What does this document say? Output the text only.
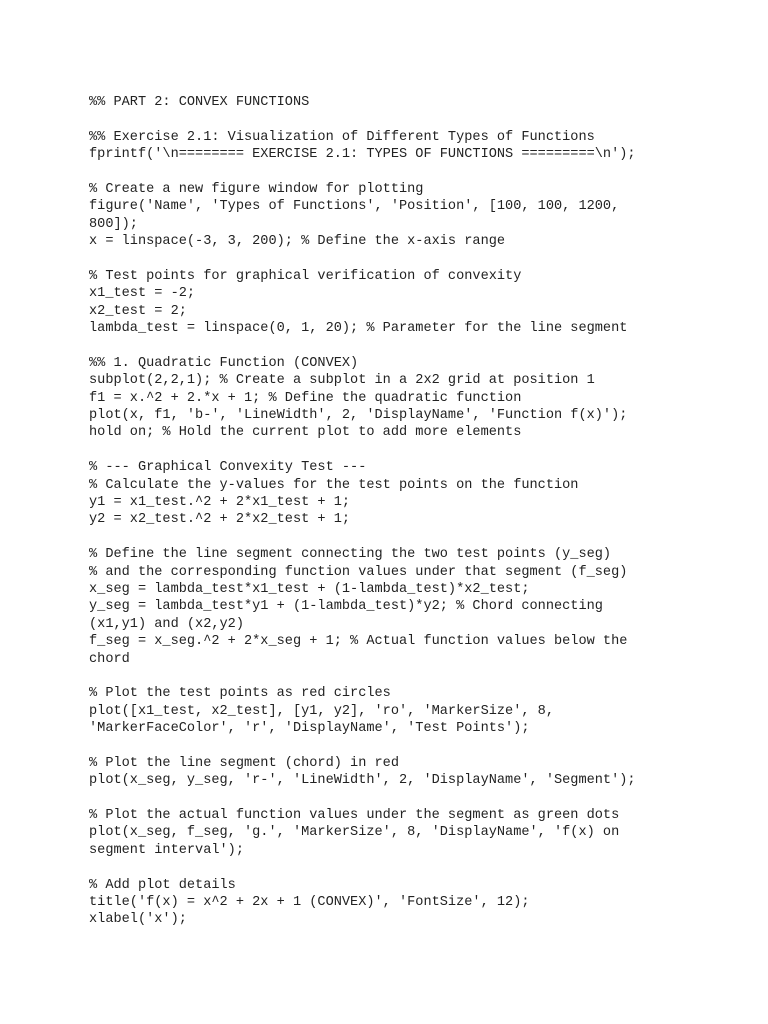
%% PART 2: CONVEX FUNCTIONS
%% Exercise 2.1: Visualization of Different Types of Functions
fprintf('\n======== EXERCISE 2.1: TYPES OF FUNCTIONS =========\n');
% Create a new figure window for plotting
figure('Name', 'Types of Functions', 'Position', [100, 100, 1200,
800]);
x = linspace(-3, 3, 200); % Define the x-axis range
% Test points for graphical verification of convexity
x1_test = -2;
x2_test = 2;
lambda_test = linspace(0, 1, 20); % Parameter for the line segment
%% 1. Quadratic Function (CONVEX)
subplot(2,2,1); % Create a subplot in a 2x2 grid at position 1
f1 = x.^2 + 2.*x + 1; % Define the quadratic function
plot(x, f1, 'b-', 'LineWidth', 2, 'DisplayName', 'Function f(x)');
hold on; % Hold the current plot to add more elements
% --- Graphical Convexity Test ---
% Calculate the y-values for the test points on the function
y1 = x1_test.^2 + 2*x1_test + 1;
y2 = x2_test.^2 + 2*x2_test + 1;
% Define the line segment connecting the two test points (y_seg)
% and the corresponding function values under that segment (f_seg)
x_seg = lambda_test*x1_test + (1-lambda_test)*x2_test;
y_seg = lambda_test*y1 + (1-lambda_test)*y2; % Chord connecting
(x1,y1) and (x2,y2)
f_seg = x_seg.^2 + 2*x_seg + 1; % Actual function values below the
chord
% Plot the test points as red circles
plot([x1_test, x2_test], [y1, y2], 'ro', 'MarkerSize', 8,
'MarkerFaceColor', 'r', 'DisplayName', 'Test Points');
% Plot the line segment (chord) in red
plot(x_seg, y_seg, 'r-', 'LineWidth', 2, 'DisplayName', 'Segment');
% Plot the actual function values under the segment as green dots
plot(x_seg, f_seg, 'g.', 'MarkerSize', 8, 'DisplayName', 'f(x) on
segment interval');
% Add plot details
title('f(x) = x^2 + 2x + 1 (CONVEX)', 'FontSize', 12);
xlabel('x');
